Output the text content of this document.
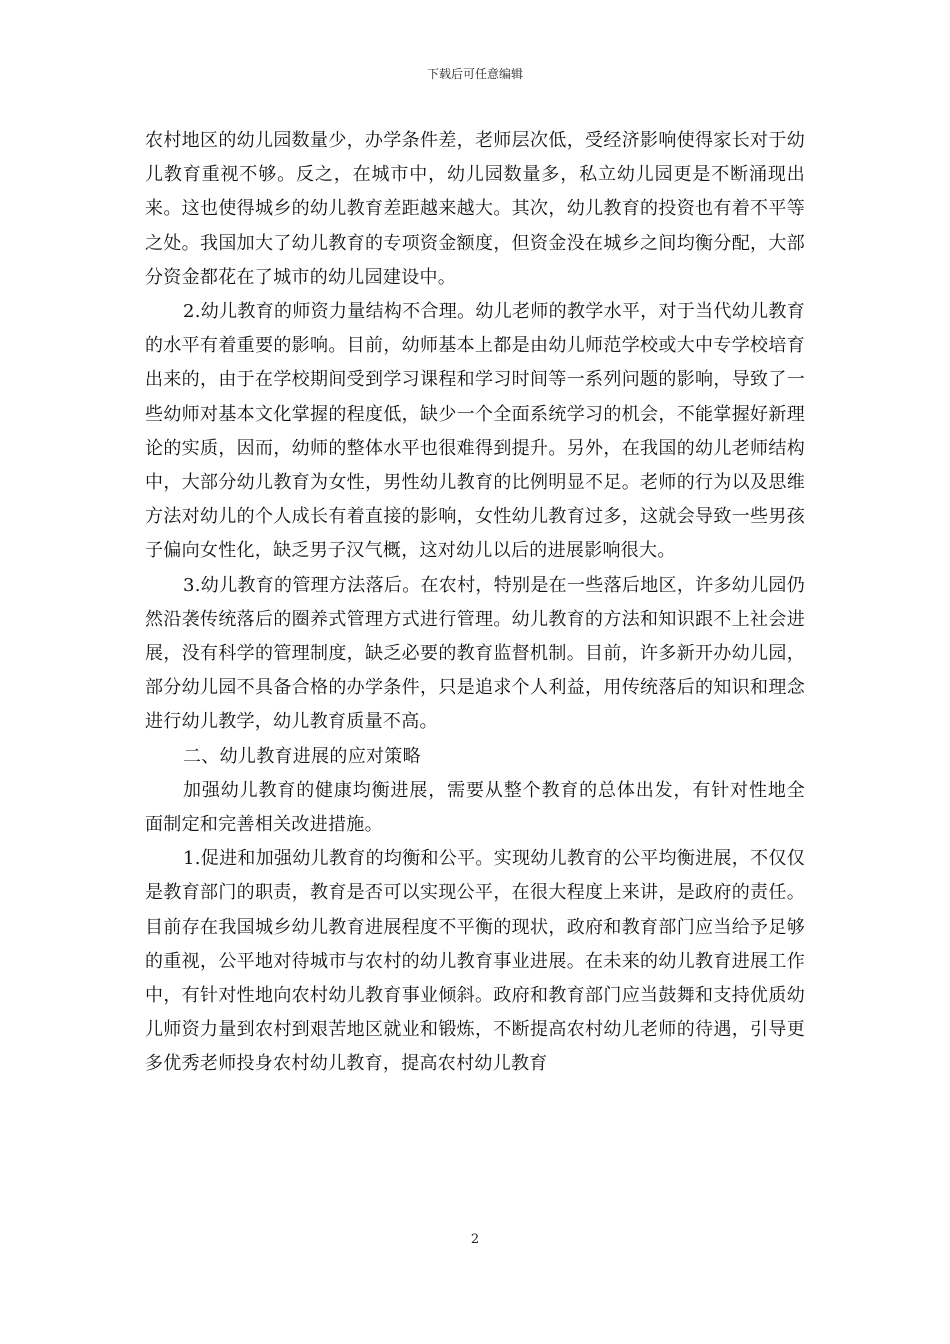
下载后可任意编辑

农村地区的幼儿园数量少，办学条件差，老师层次低，受经济影响使得家长对于幼儿教育重视不够。反之，在城市中，幼儿园数量多，私立幼儿园更是不断涌现出来。这也使得城乡的幼儿教育差距越来越大。其次，幼儿教育的投资也有着不平等之处。我国加大了幼儿教育的专项资金额度，但资金没在城乡之间均衡分配，大部分资金都花在了城市的幼儿园建设中。

2.幼儿教育的师资力量结构不合理。幼儿老师的教学水平，对于当代幼儿教育的水平有着重要的影响。目前，幼师基本上都是由幼儿师范学校或大中专学校培育出来的，由于在学校期间受到学习课程和学习时间等一系列问题的影响，导致了一些幼师对基本文化掌握的程度低，缺少一个全面系统学习的机会，不能掌握好新理论的实质，因而，幼师的整体水平也很难得到提升。另外，在我国的幼儿老师结构中，大部分幼儿教育为女性，男性幼儿教育的比例明显不足。老师的行为以及思维方法对幼儿的个人成长有着直接的影响，女性幼儿教育过多，这就会导致一些男孩子偏向女性化，缺乏男子汉气概，这对幼儿以后的进展影响很大。

3.幼儿教育的管理方法落后。在农村，特别是在一些落后地区，许多幼儿园仍然沿袭传统落后的圈养式管理方式进行管理。幼儿教育的方法和知识跟不上社会进展，没有科学的管理制度，缺乏必要的教育监督机制。目前，许多新开办幼儿园，部分幼儿园不具备合格的办学条件，只是追求个人利益，用传统落后的知识和理念进行幼儿教学，幼儿教育质量不高。

二、幼儿教育进展的应对策略

加强幼儿教育的健康均衡进展，需要从整个教育的总体出发，有针对性地全面制定和完善相关改进措施。

1.促进和加强幼儿教育的均衡和公平。实现幼儿教育的公平均衡进展，不仅仅是教育部门的职责，教育是否可以实现公平，在很大程度上来讲，是政府的责任。目前存在我国城乡幼儿教育进展程度不平衡的现状，政府和教育部门应当给予足够的重视，公平地对待城市与农村的幼儿教育事业进展。在未来的幼儿教育进展工作中，有针对性地向农村幼儿教育事业倾斜。政府和教育部门应当鼓舞和支持优质幼儿师资力量到农村到艰苦地区就业和锻炼，不断提高农村幼儿老师的待遇，引导更多优秀老师投身农村幼儿教育，提高农村幼儿教育

2
